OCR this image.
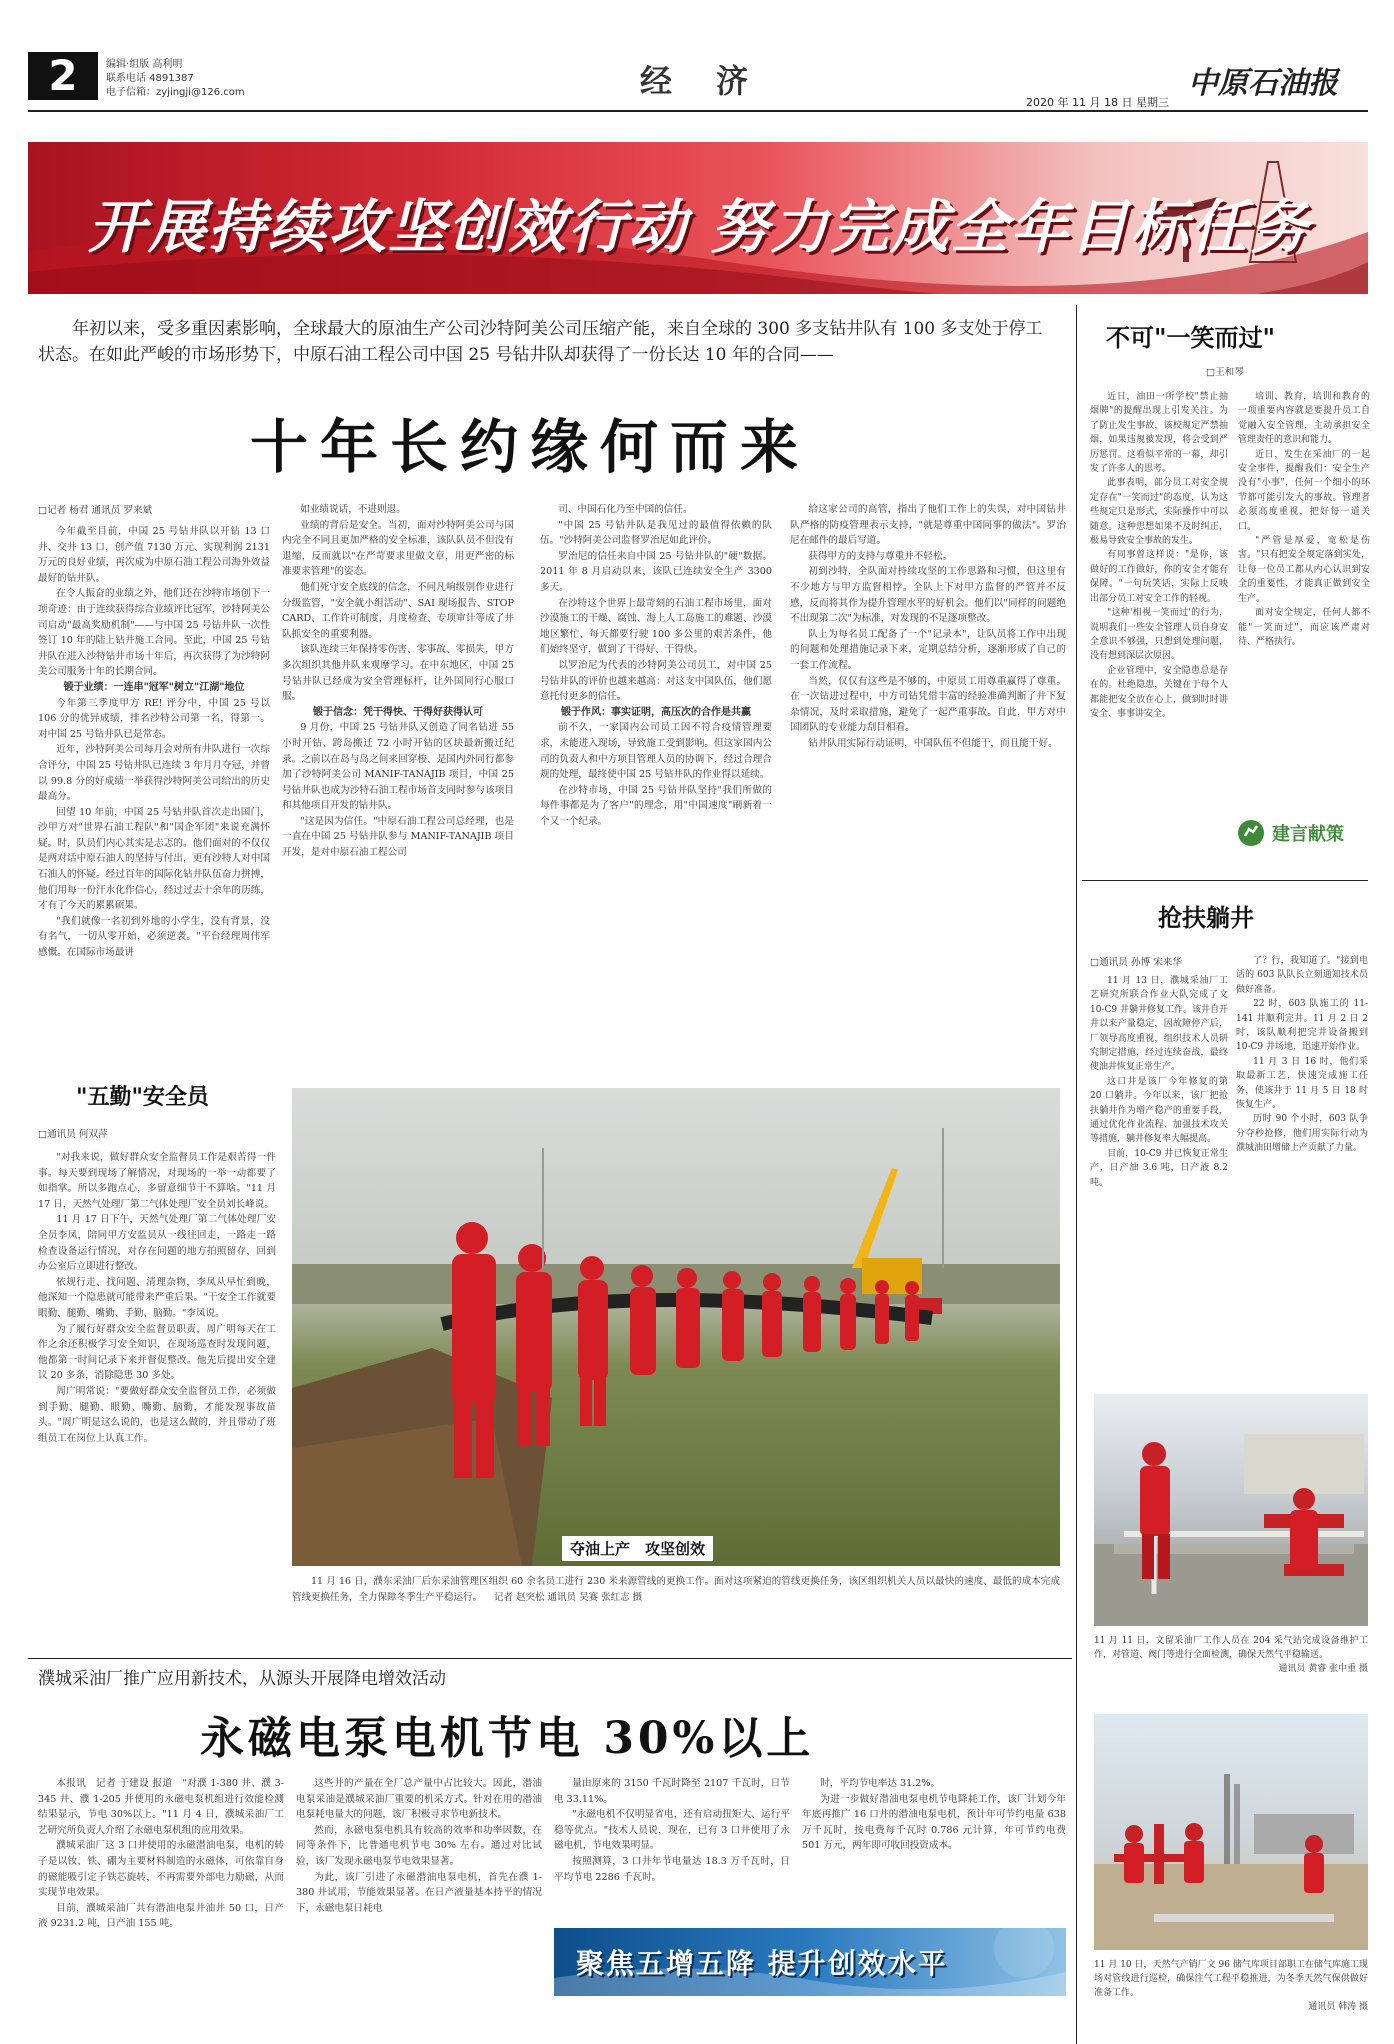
2	编辑·组版 高利明
联系电话 4891387
电子信箱：zyjingji@126.com	经　济
2020 年 11 月 18 日 星期三
中原石油报
开展持续攻坚创效行动 努力完成全年目标任务
年初以来，受多重因素影响，全球最大的原油生产公司沙特阿美公司压缩产能，来自全球的 300 多支钻井队有 100 多支处于停工状态。在如此严峻的市场形势下，中原石油工程公司中国 25 号钻井队却获得了一份长达 10 年的合同——
十年长约缘何而来
□记者 杨君 通讯员 罗来斌

今年截至目前，中国 25 号钻井队以开钻 13 口井、交井 13 口，创产值 7130 万元、实现利润 2131 万元的良好业绩，再次成为中原石油工程公司海外效益最好的钻井队。

在令人振奋的业绩之外，他们还在沙特市场创下一项奇迹：由于连续获得综合业绩评比冠军，沙特阿美公司启动"最高奖励机制"——与中国 25 号钻井队一次性签订 10 年的陆上钻井施工合同。至此，中国 25 号钻井队在进入沙特钻井市场十年后，再次获得了为沙特阿美公司服务十年的长期合同。

锻于业绩：一连串"冠军"树立"江湖"地位

今年第三季度甲方 RE! 评分中，中国 25 号以 106 分的优异成绩，排名沙特公司第一名，得第一。对中国 25 号钻井队已是常态。

近年，沙特阿美公司每月会对所有井队进行一次综合评分，中国 25 号钻井队已连续 3 年月月夺冠，并曾以 99.8 分的好成绩一举获得沙特阿美公司给出的历史最高分。

回望 10 年前，中国 25 号钻井队首次走出国门，沙甲方对"世界石油工程队"和"国企军团"来说充满怀疑。时，队员们内心其实是忐忑的。他们面对的不仅仅是两对话中原石油人的坚持与付出，更有沙特人对中国石油人的怀疑。经过百年的国际化钻井队伍奋力拼搏，他们用每一份汗水化作信心，经过过去十余年的历练，才有了今天的累累硕果。

"我们就像一名初到外地的小学生，没有背景，没有名气，一切从零开始，必须逆袭。"平台经理周伟军感慨。在国际市场最讲

如业绩说话，不进则退。

业绩的背后是安全。当初，面对沙特阿美公司与国内完全不同且更加严格的安全标准，该队队员不但没有退缩，反而就以"在严苛要求里做文章，用更严密的标准要求管理"的姿态。

他们死守安全底线的信念，不同凡响级别作业进行分级监管，"安全就小组活动"、SAI 现场报告、STOP CARD、工作许可制度，月度检查、专项审计等成了井队抓安全的重要利器。

该队连续三年保持零伤害、零事故、零损失，甲方多次组织其他井队来观摩学习。在中东地区，中国 25 号钻井队已经成为安全管理标杆，让外国同行心服口服。

锻于信念：凭干得快、干得好获得认可

9 月份，中国 25 号钻井队又创造了同名钻进 55 小时开钻、跨岛搬迁 72 小时开钻的区块最新搬迁纪录。之前以在岛与岛之间来回穿梭、是国内外同行都参加了沙特阿美公司 MANIF-TANAJIB 项目，中国 25 号钻井队也成为沙特石油工程市场首支同时参与该项目和其他项目开发的钻井队。

"这是因为信任。"中原石油工程公司总经理，也是一直在中国 25 号钻井队参与 MANIF-TANAJIB 项目开发，是对中原石油工程公司

司、中国石化乃至中国的信任。

"中国 25 号钻井队是我见过的最值得依赖的队伍。"沙特阿美公司监督罗治尼如此评价。

罗治尼的信任来自中国 25 号钻井队的"硬"数据。2011 年 8 月启动以来，该队已连续安全生产 3300 多天。

在沙特这个世界上最苛刻的石油工程市场里，面对沙漠施工的干燥、腐蚀、海上人工岛施工的难题、沙漠地区繁忙、每天都要行驶 100 多公里的艰苦条件，他们始终坚守，做到了干得好、干得快。

以罗治尼为代表的沙特阿美公司员工，对中国 25 号钻井队的评价也越来越高：对这支中国队伍，他们愿意托付更多的信任。

锻于作风：事实证明，高压次的合作是共赢

前不久，一家国内公司员工因不符合疫情管理要求，未能进入现场，导致施工受到影响。但这家国内公司的负责人和中方项目管理人员的协调下，经过合理合规的处理，最终使中国 25 号钻井队的作业得以延续。

在沙特市场，中国 25 号钻井队坚持"我们所做的每件事都是为了客户"的理念，用"中国速度"刷新着一个又一个纪录。

给这家公司的高管，指出了他们工作上的失误，对中国钻井队严格的防疫管理表示支持，"就是尊重中国同事的做法"。罗治尼在邮件的最后写道。

获得甲方的支持与尊重并不轻松。

初到沙特，全队面对持续攻坚的工作思路和习惯，但这里有不少地方与甲方监督相悖。全队上下对甲方监督的严管并不反感，反而将其作为提升管理水平的好机会。他们以"同样的问题绝不出现第二次"为标准，对发现的不足逐项整改。

队上为每名员工配备了一个"记录本"，让队员将工作中出现的问题和处理措施记录下来，定期总结分析，逐渐形成了自己的一套工作流程。

当然，仅仅有这些是不够的，中原员工用尊重赢得了尊重。在一次钻进过程中，中方司钻凭借丰富的经验准确判断了井下复杂情况，及时采取措施，避免了一起严重事故。自此，甲方对中国团队的专业能力刮目相看。

钻井队用实际行动证明，中国队伍不但能干，而且能干好。

不可"一笑而过"
□王和琴

近日，油田一所学校"禁止抽烟牌"的提醒出现上引发关注。为了防止发生事故，该校规定严禁抽烟，如果违规被发现，将会受到严厉惩罚。这看似平常的一幕，却引发了许多人的思考。

此事表明，部分员工对安全规定存在"一笑而过"的态度，认为这些规定只是形式，实际操作中可以随意。这种思想如果不及时纠正，极易导致安全事故的发生。

有同事曾这样说："是你，该做好的工作做好，你的安全才能有保障。"一句玩笑话，实际上反映出部分员工对安全工作的轻视。

"这种'相视一笑而过'的行为，说明我们一些安全管理人员自身安全意识不够强，只想到处理问题，没有想到深层次原因。

企业管理中，安全隐患总是存在的。杜绝隐患，关键在于每个人都能把安全放在心上，做到时时讲安全、事事讲安全。

培训、教育，培训和教育的一项重要内容就是要提升员工自觉融入安全管理，主动承担安全管理责任的意识和能力。

近日，发生在采油厂的一起安全事件，提醒我们：安全生产没有"小事"，任何一个细小的环节都可能引发大的事故。管理者必须高度重视，把好每一道关口。

"严管是厚爱，宽松是伤害。"只有把安全规定落到实处，让每一位员工都从内心认识到安全的重要性，才能真正做到安全生产。

面对安全规定，任何人都不能"一笑而过"，而应该严肃对待、严格执行。

建言献策
抢扶躺井
□通讯员 孙博 宋来华

11 月 13 日，濮城采油厂工艺研究所联合作业大队完成了文 10-C9 井躺井修复工作。该井自开井以来产量稳定，因故障停产后，厂领导高度重视，组织技术人员研究制定措施，经过连续奋战，最终使油井恢复正常生产。

这口井是该厂今年修复的第 20 口躺井。今年以来，该厂把抢扶躺井作为增产稳产的重要手段，通过优化作业流程、加强技术攻关等措施，躺井修复率大幅提高。

目前，10-C9 井已恢复正常生产，日产油 3.6 吨，日产液 8.2 吨。

了？行，我知道了。"接到电话的 603 队队长立刻通知技术员做好准备。

22 时，603 队施工的 11-141 井顺利完井。11 月 2 日 2 时，该队顺利把完井设备搬到 10-C9 井场地，迅速开始作业。

11 月 3 日 16 时，他们采取最新工艺，快速完成施工任务，使该井于 11 月 5 日 18 时恢复生产。

历时 90 个小时，603 队争分夺秒抢修，他们用实际行动为濮城油田增储上产贡献了力量。

11 月 11 日，文留采油厂工作人员在 204 采气站完成设备维护工作，对管道、阀门等进行全面检测，确保天然气平稳输送。
通讯员 黄睿 张中重 摄
11 月 10 日，天然气产销厂文 96 储气库项目部职工在储气库施工现场对管线进行巡检，确保注气工程平稳推进，为冬季天然气保供做好准备工作。
通讯员 韩涛 摄
"五勤"安全员
□通讯员 何双萍

"对我来说，做好群众安全监督员工作是艰苦得一件事。每天要到现场了解情况，对现场的一举一动都要了如指掌。所以多跑点心，多留意细节干不算啥。"11 月 17 日，天然气处理厂第二气体处理厂安全员刘长峰说。

11 月 17 日下午，天然气处理厂第二气体处理厂安全员李凤，陪同甲方安监员从一线往回走，一路走一路检查设备运行情况，对存在问题的地方拍照留存，回到办公室后立即进行整改。

依规行走、找问题、清理杂物，李凤从早忙到晚，他深知一个隐患就可能带来严重后果。"干安全工作就要眼勤、腿勤、嘴勤、手勤、脑勤。"李凤说。

为了履行好群众安全监督员职责，周广明每天在工作之余还积极学习安全知识，在现场巡查时发现问题，他都第一时间记录下来并督促整改。他先后提出安全建议 20 多条，消除隐患 30 多处。

周广明常说："要做好群众安全监督员工作，必须做到手勤、腿勤、眼勤、嘴勤、脑勤，才能发现事故苗头。"周广明是这么说的，也是这么做的，并且带动了班组员工在岗位上认真工作。

夺油上产　攻坚创效
11 月 16 日，濮东采油厂后东采油管理区组织 60 余名员工进行 230 米来源管线的更换工作。面对这项紧迫的管线更换任务，该区组织机关人员以最快的速度、最低的成本完成管线更换任务，全力保障冬季生产平稳运行。 记者 赵突松 通讯员 吴赛 张红志 摄
濮城采油厂推广应用新技术，从源头开展降电增效活动
永磁电泵电机节电 30%以上

本报讯　记者 于建设 报道　"对濮 1-380 井、濮 3-345 井、濮 1-205 井使用的永磁电泵机组进行效能检测结果显示，节电 30%以上。"11 月 4 日，濮城采油厂工艺研究所负责人介绍了永磁电泵机组的应用效果。

濮城采油厂这 3 口井使用的永磁潜油电泵，电机的转子是以钕、铁、硼为主要材料制造的永磁体，可依靠自身的磁能吸引定子铁芯旋转，不再需要外部电力励磁，从而实现节电效果。

目前，濮城采油厂共有潜油电泵井油井 50 口，日产液 9231.2 吨，日产油 155 吨。

这些井的产量在全厂总产量中占比较大。因此，潜油电泵采油是濮城采油厂重要的机采方式。针对在用的潜油电泵耗电量大的问题，该厂积极寻求节电新技术。

然而，永磁电泵电机具有较高的效率和功率因数，在同等条件下，比普通电机节电 30% 左右。通过对比试验，该厂发现永磁电泵节电效果显著。

为此，该厂引进了永磁潜油电泵电机，首先在濮 1-380 井试用，节能效果显著。在日产液量基本持平的情况下，永磁电泵日耗电

量由原来的 3150 千瓦时降至 2107 千瓦时，日节电 33.11%。

"永磁电机不仅明显省电，还有启动扭矩大、运行平稳等优点。"技术人员说，现在，已有 3 口井使用了永磁电机，节电效果明显。

按照测算，3 口井年节电量达 18.3 万千瓦时，日平均节电 2286 千瓦时。

时，平均节电率达 31.2%。

为进一步做好潜油电泵电机节电降耗工作，该厂计划今年年底再推广 16 口井的潜油电泵电机，预计年可节约电量 638 万千瓦时，按电费每千瓦时 0.786 元计算，年可节约电费 501 万元，两年即可收回投资成本。

聚焦五增五降 提升创效水平
